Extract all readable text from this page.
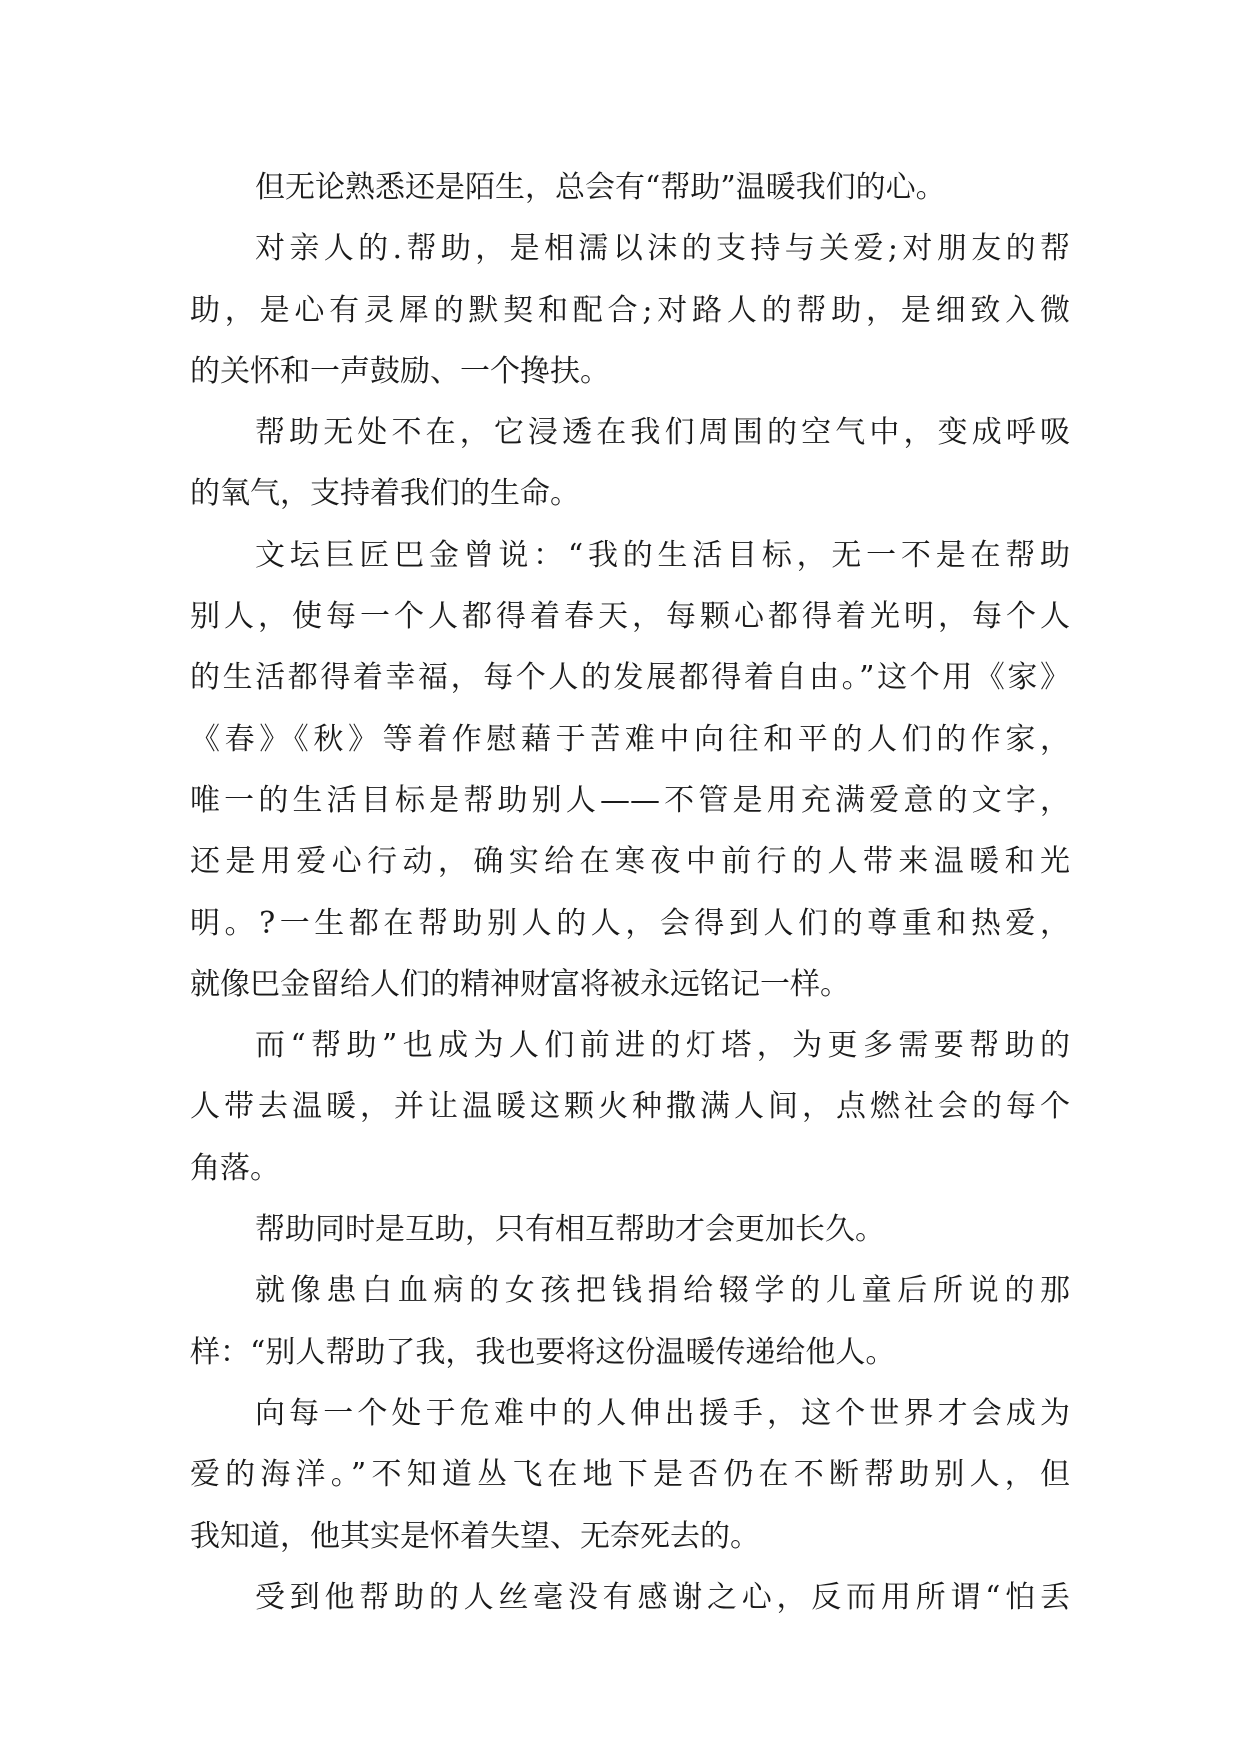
但无论熟悉还是陌生，总会有“帮助”温暖我们的心。
对亲人的.帮助，是相濡以沫的支持与关爱;对朋友的帮
助，是心有灵犀的默契和配合;对路人的帮助，是细致入微
的关怀和一声鼓励、一个搀扶。
帮助无处不在，它浸透在我们周围的空气中，变成呼吸
的氧气，支持着我们的生命。
文坛巨匠巴金曾说：“我的生活目标，无一不是在帮助
别人，使每一个人都得着春天，每颗心都得着光明，每个人
的生活都得着幸福，每个人的发展都得着自由。”这个用《家》
《春》《秋》等着作慰藉于苦难中向往和平的人们的作家，
唯一的生活目标是帮助别人——不管是用充满爱意的文字，
还是用爱心行动，确实给在寒夜中前行的人带来温暖和光
明。?一生都在帮助别人的人，会得到人们的尊重和热爱，
就像巴金留给人们的精神财富将被永远铭记一样。
而“帮助”也成为人们前进的灯塔，为更多需要帮助的
人带去温暖，并让温暖这颗火种撒满人间，点燃社会的每个
角落。
帮助同时是互助，只有相互帮助才会更加长久。
就像患白血病的女孩把钱捐给辍学的儿童后所说的那
样：“别人帮助了我，我也要将这份温暖传递给他人。
向每一个处于危难中的人伸出援手，这个世界才会成为
爱的海洋。”不知道丛飞在地下是否仍在不断帮助别人，但
我知道，他其实是怀着失望、无奈死去的。
受到他帮助的人丝毫没有感谢之心，反而用所谓“怕丢
